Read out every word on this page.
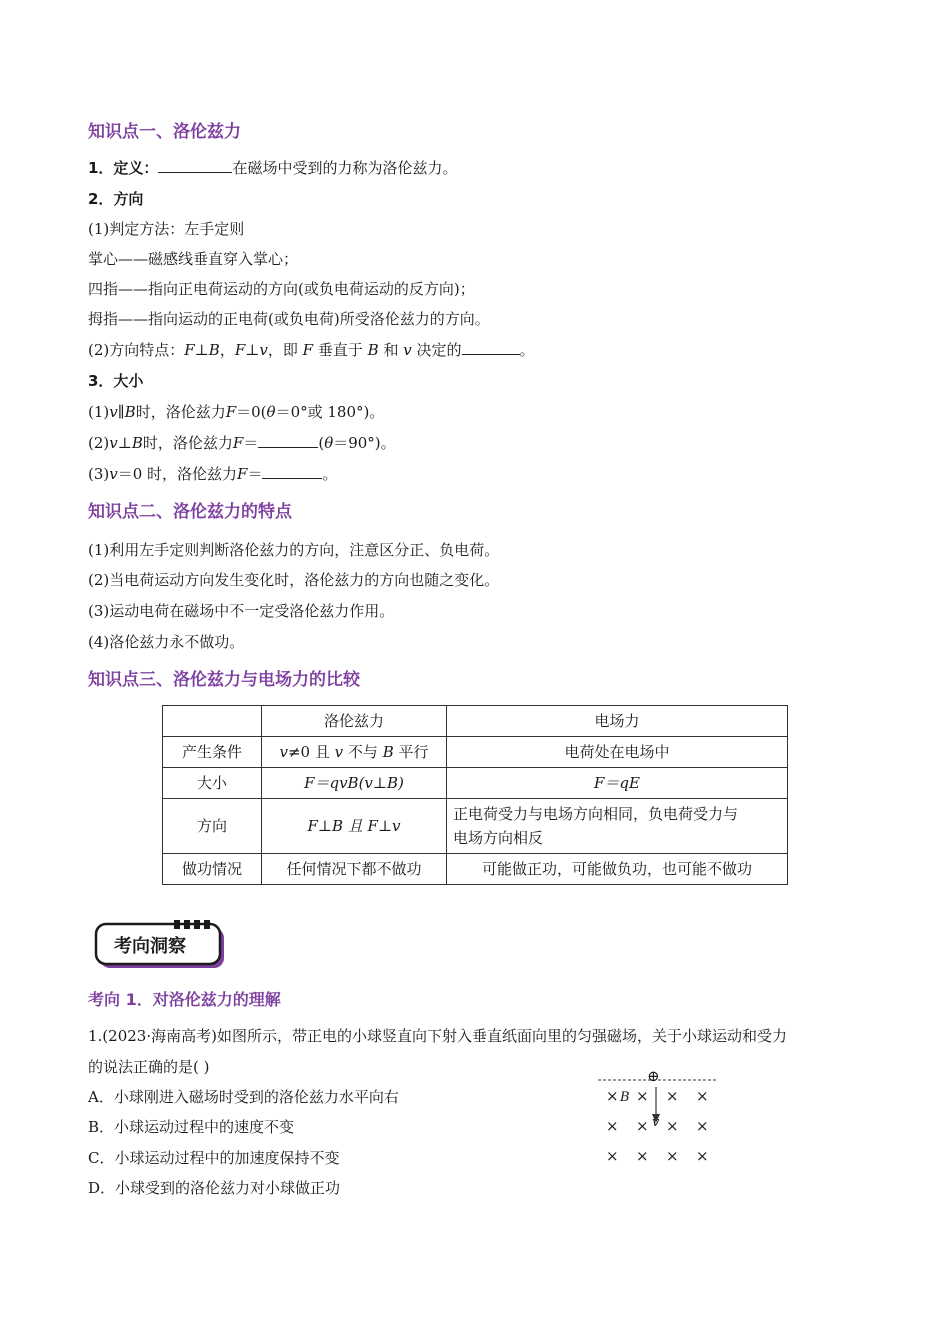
知识点一、洛伦兹力
1．定义：	在磁场中受到的力称为洛伦兹力。
2．方向
(1)判定方法：左手定则
掌心——磁感线垂直穿入掌心；
四指——指向正电荷运动的方向(或负电荷运动的反方向)；
拇指——指向运动的正电荷(或负电荷)所受洛伦兹力的方向。
(2)方向特点：F⊥B，F⊥v，即 F 垂直于 B 和 v 决定的	。
3．大小
(1)v∥B时，洛伦兹力F＝0(θ＝0°或 180°)。
(2)v⊥B时，洛伦兹力F＝	(θ＝90°)。
(3)v＝0 时，洛伦兹力F＝	。
知识点二、洛伦兹力的特点
(1)利用左手定则判断洛伦兹力的方向，注意区分正、负电荷。
(2)当电荷运动方向发生变化时，洛伦兹力的方向也随之变化。
(3)运动电荷在磁场中不一定受洛伦兹力作用。
(4)洛伦兹力永不做功。
知识点三、洛伦兹力与电场力的比较
	洛伦兹力	电场力
产生条件	v≠0 且 v 不与 B 平行	电荷处在电场中
大小	F＝qvB(v⊥B)	F＝qE
方向	F⊥B 且 F⊥v	正电荷受力与电场方向相同，负电荷受力与
电场方向相反

做功情况	任何情况下都不做功	可能做正功，可能做负功，也可能不做功
考向洞察
考向 1．对洛伦兹力的理解
1.(2023·海南高考)如图所示，带正电的小球竖直向下射入垂直纸面向里的匀强磁场，关于小球运动和受力
的说法正确的是( )
A．小球刚进入磁场时受到的洛伦兹力水平向右
B．小球运动过程中的速度不变
C．小球运动过程中的加速度保持不变
D．小球受到的洛伦兹力对小球做正功
⊕
B
v
× × × ×
× × × ×
× × × ×
